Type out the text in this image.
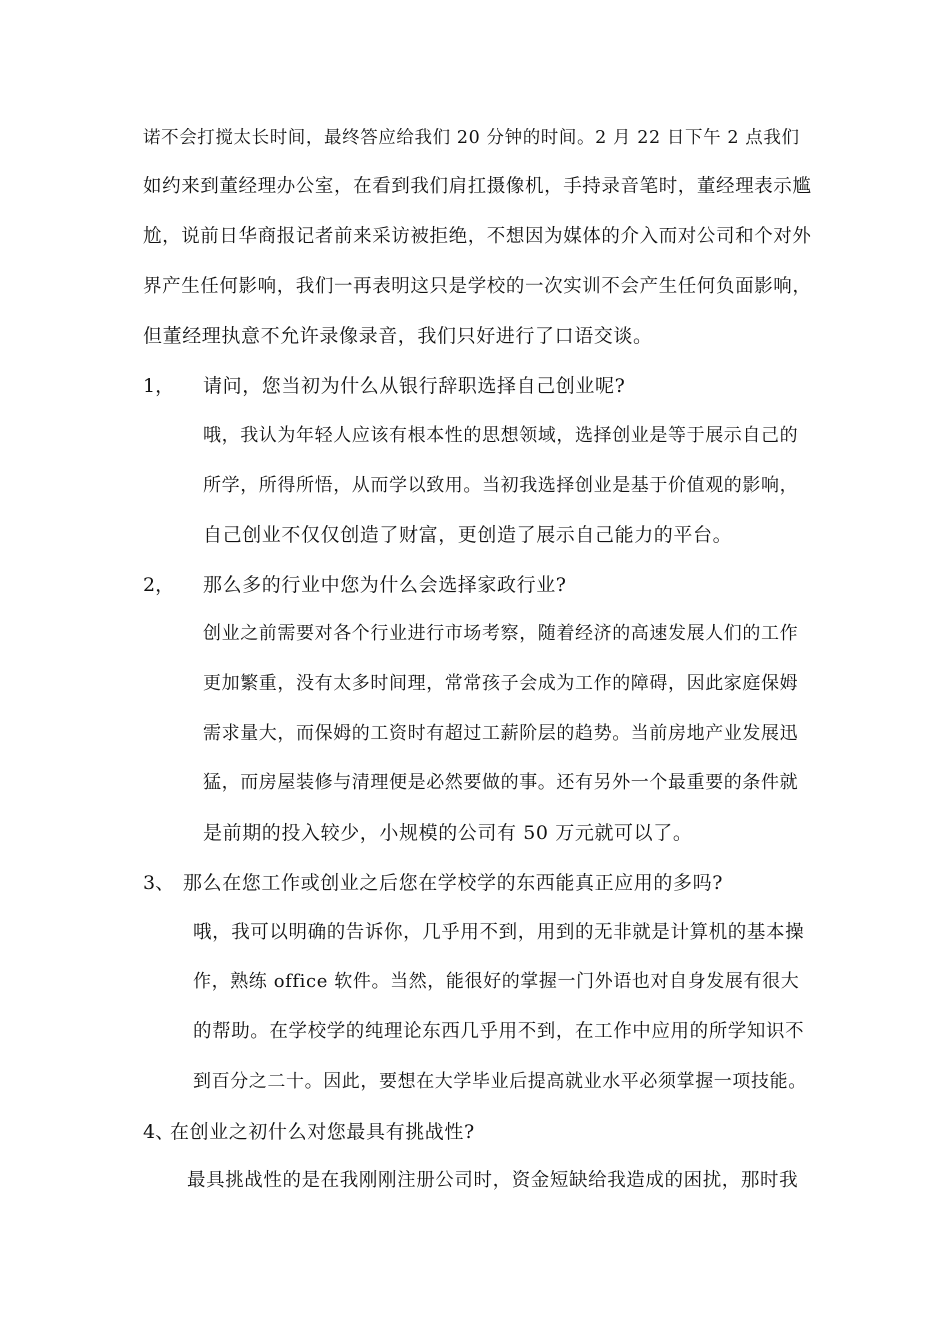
诺不会打搅太长时间，最终答应给我们 20 分钟的时间。2 月 22 日下午 2 点我们
如约来到董经理办公室，在看到我们肩扛摄像机，手持录音笔时，董经理表示尴
尬，说前日华商报记者前来采访被拒绝，不想因为媒体的介入而对公司和个对外
界产生任何影响，我们一再表明这只是学校的一次实训不会产生任何负面影响，
但董经理执意不允许录像录音，我们只好进行了口语交谈。
1， 请问，您当初为什么从银行辞职选择自己创业呢?
哦，我认为年轻人应该有根本性的思想领域，选择创业是等于展示自己的
所学，所得所悟，从而学以致用。当初我选择创业是基于价值观的影响，
自己创业不仅仅创造了财富，更创造了展示自己能力的平台。
2， 那么多的行业中您为什么会选择家政行业?
创业之前需要对各个行业进行市场考察，随着经济的高速发展人们的工作
更加繁重，没有太多时间理，常常孩子会成为工作的障碍，因此家庭保姆
需求量大，而保姆的工资时有超过工薪阶层的趋势。当前房地产业发展迅
猛，而房屋装修与清理便是必然要做的事。还有另外一个最重要的条件就
是前期的投入较少，小规模的公司有 50 万元就可以了。
3、 那么在您工作或创业之后您在学校学的东西能真正应用的多吗?
哦，我可以明确的告诉你，几乎用不到，用到的无非就是计算机的基本操
作，熟练 office 软件。当然，能很好的掌握一门外语也对自身发展有很大
的帮助。在学校学的纯理论东西几乎用不到，在工作中应用的所学知识不
到百分之二十。因此，要想在大学毕业后提高就业水平必须掌握一项技能。
4、
在创业之初什么对您最具有挑战性?
最具挑战性的是在我刚刚注册公司时，资金短缺给我造成的困扰，那时我
